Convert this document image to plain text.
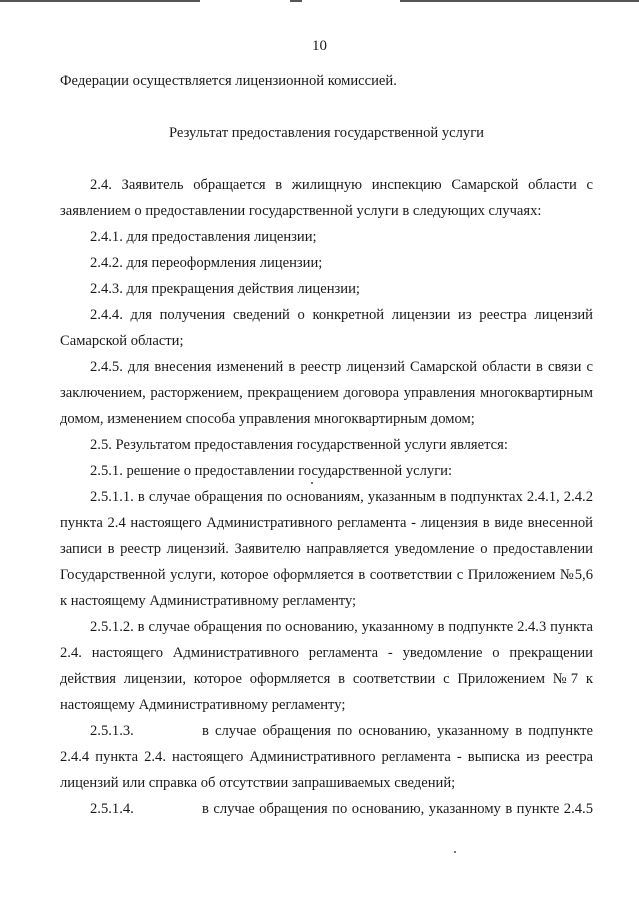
10

Федерации осуществляется лицензионной комиссией.

Результат предоставления государственной услуги

2.4. Заявитель обращается в жилищную инспекцию Самарской области с заявлением о предоставлении государственной услуги в следующих случаях:

2.4.1. для предоставления лицензии;

2.4.2. для переоформления лицензии;

2.4.3. для прекращения действия лицензии;

2.4.4. для получения сведений о конкретной лицензии из реестра лицензий Самарской области;

2.4.5. для внесения изменений в реестр лицензий Самарской области в связи с заключением, расторжением, прекращением договора управления многоквартирным домом, изменением способа управления многоквартирным домом;

2.5. Результатом предоставления государственной услуги является:

2.5.1. решение о предоставлении государственной услуги:

2.5.1.1. в случае обращения по основаниям, указанным в подпунктах 2.4.1, 2.4.2 пункта 2.4 настоящего Административного регламента - лицензия в виде внесенной записи в реестр лицензий. Заявителю направляется уведомление о предоставлении Государственной услуги, которое оформляется в соответствии с Приложением №5,6 к настоящему Административному регламенту;

2.5.1.2. в случае обращения по основанию, указанному в подпункте 2.4.3 пункта 2.4. настоящего Административного регламента - уведомление о прекращении действия лицензии, которое оформляется в соответствии с Приложением №7 к настоящему Административному регламенту;

2.5.1.3.	в случае обращения по основанию, указанному в подпункте

2.4.4 пункта 2.4. настоящего Административного регламента - выписка из реестра лицензий или справка об отсутствии запрашиваемых сведений;

2.5.1.4.	в случае обращения по основанию, указанному в пункте 2.4.5
